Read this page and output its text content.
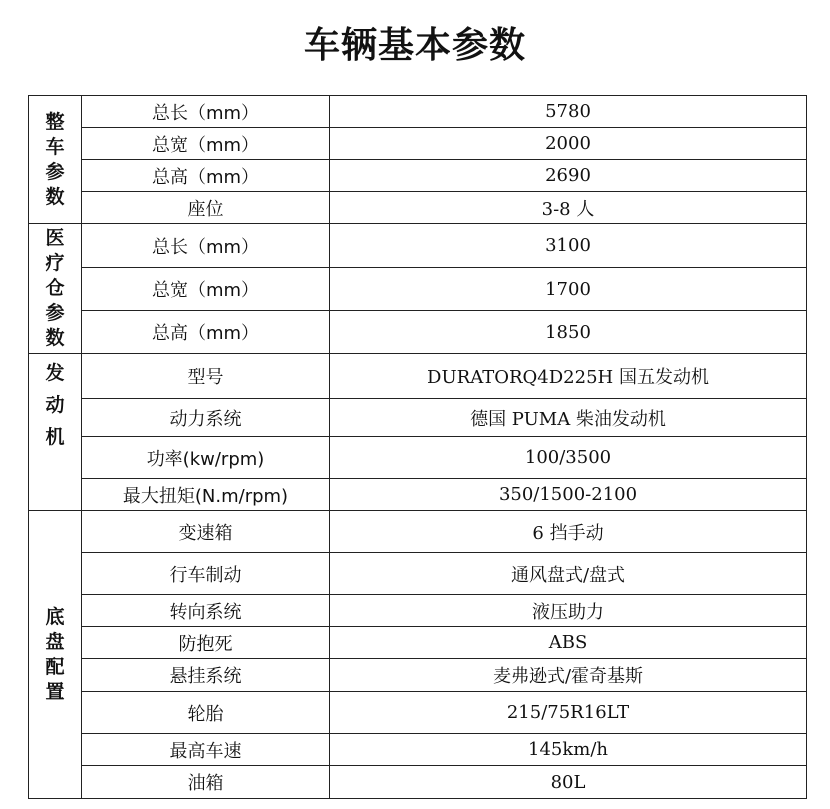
车辆基本参数
整
车
参
数	总长（mm）	5780
	总宽（mm）	2000
	总高（mm）	2690
	座位	3-8 人

医
疗
仓
参
数	总长（mm）	3100
	总宽（mm）	1700
	总高（mm）	1850

发
动
机	型号	DURATORQ4D225H 国五发动机
	动力系统	德国 PUMA 柴油发动机
	功率(kw/rpm)	100/3500
	最大扭矩(N.m/rpm)	350/1500-2100

底
盘
配
置	变速箱	6 挡手动
	行车制动	通风盘式/盘式
	转向系统	液压助力
	防抱死	ABS
	悬挂系统	麦弗逊式/霍奇基斯
	轮胎	215/75R16LT
	最高车速	145km/h
	油箱	80L
